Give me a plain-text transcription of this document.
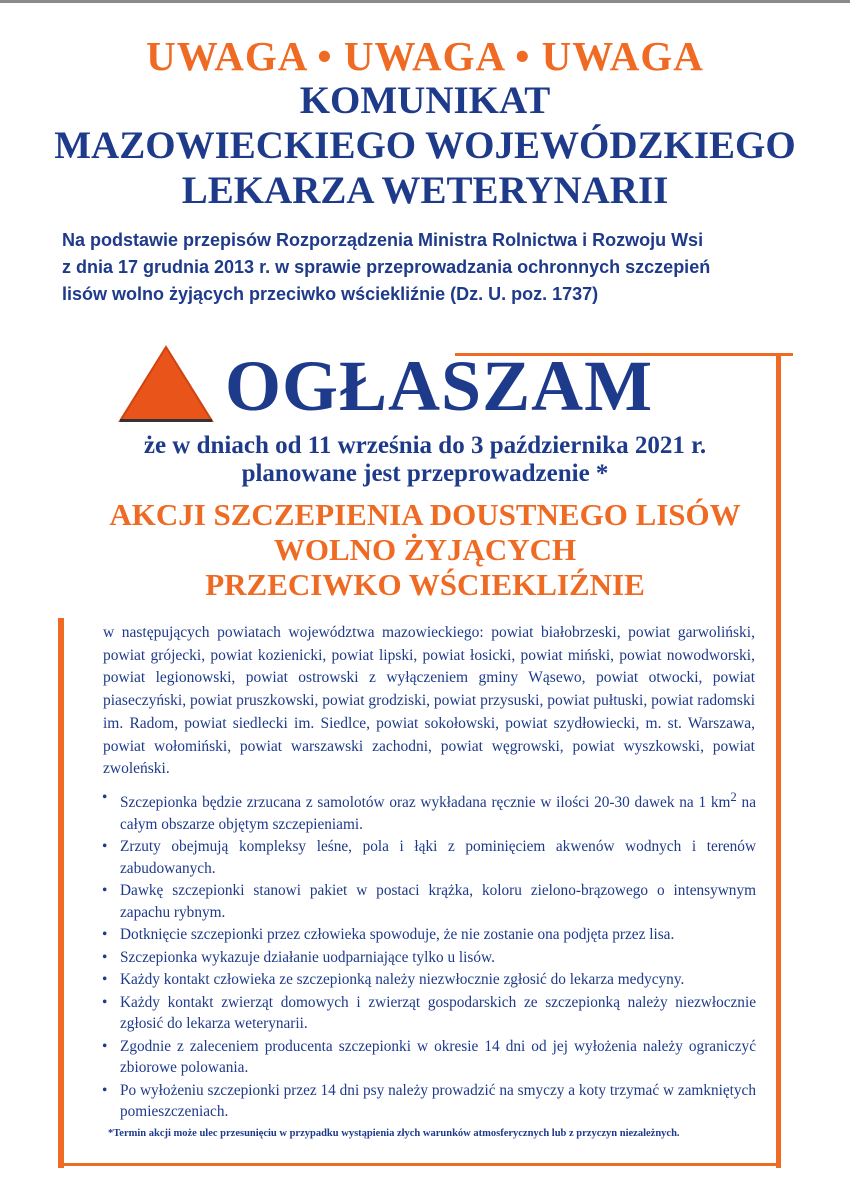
UWAGA • UWAGA • UWAGA
KOMUNIKAT
MAZOWIECKIEGO WOJEWÓDZKIEGO
LEKARZA WETERYNARII
Na podstawie przepisów Rozporządzenia Ministra Rolnictwa i Rozwoju Wsi
z dnia 17 grudnia 2013 r. w sprawie przeprowadzania ochronnych szczepień
lisów wolno żyjących przeciwko wściekliźnie (Dz. U. poz. 1737)
OGŁASZAM
że w dniach od 11 września do 3 października 2021 r.
planowane jest przeprowadzenie *
AKCJI SZCZEPIENIA DOUSTNEGO LISÓW
WOLNO ŻYJĄCYCH
PRZECIWKO WŚCIEKLIŹNIE
w następujących powiatach województwa mazowieckiego: powiat białobrzeski, powiat garwoliński, powiat grójecki, powiat kozienicki, powiat lipski, powiat łosicki, powiat miński, powiat nowodworski, powiat legionowski, powiat ostrowski z wyłączeniem gminy Wąsewo, powiat otwocki, powiat piaseczyński, powiat pruszkowski, powiat grodziski, powiat przysuski, powiat pułtuski, powiat radomski im. Radom, powiat siedlecki im. Siedlce, powiat sokołowski, powiat szydłowiecki, m. st. Warszawa, powiat wołomiński, powiat warszawski zachodni, powiat węgrowski, powiat wyszkowski, powiat zwoleński.
• Szczepionka będzie zrzucana z samolotów oraz wykładana ręcznie w ilości 20-30 dawek na 1 $km^2$ na całym obszarze objętym szczepieniami.
• Zrzuty obejmują kompleksy leśne, pola i łąki z pominięciem akwenów wodnych i terenów zabudowanych.
• Dawkę szczepionki stanowi pakiet w postaci krążka, koloru zielono-brązowego o intensywnym zapachu rybnym.
• Dotknięcie szczepionki przez człowieka spowoduje, że nie zostanie ona podjęta przez lisa.
• Szczepionka wykazuje działanie uodparniające tylko u lisów.
• Każdy kontakt człowieka ze szczepionką należy niezwłocznie zgłosić do lekarza medycyny.
• Każdy kontakt zwierząt domowych i zwierząt gospodarskich ze szczepionką należy niezwłocznie zgłosić do lekarza weterynarii.
• Zgodnie z zaleceniem producenta szczepionki w okresie 14 dni od jej wyłożenia należy ograniczyć zbiorowe polowania.
• Po wyłożeniu szczepionki przez 14 dni psy należy prowadzić na smyczy a koty trzymać w zamkniętych pomieszczeniach.
*Termin akcji może ulec przesunięciu w przypadku wystąpienia złych warunków atmosferycznych lub z przyczyn niezależnych.
